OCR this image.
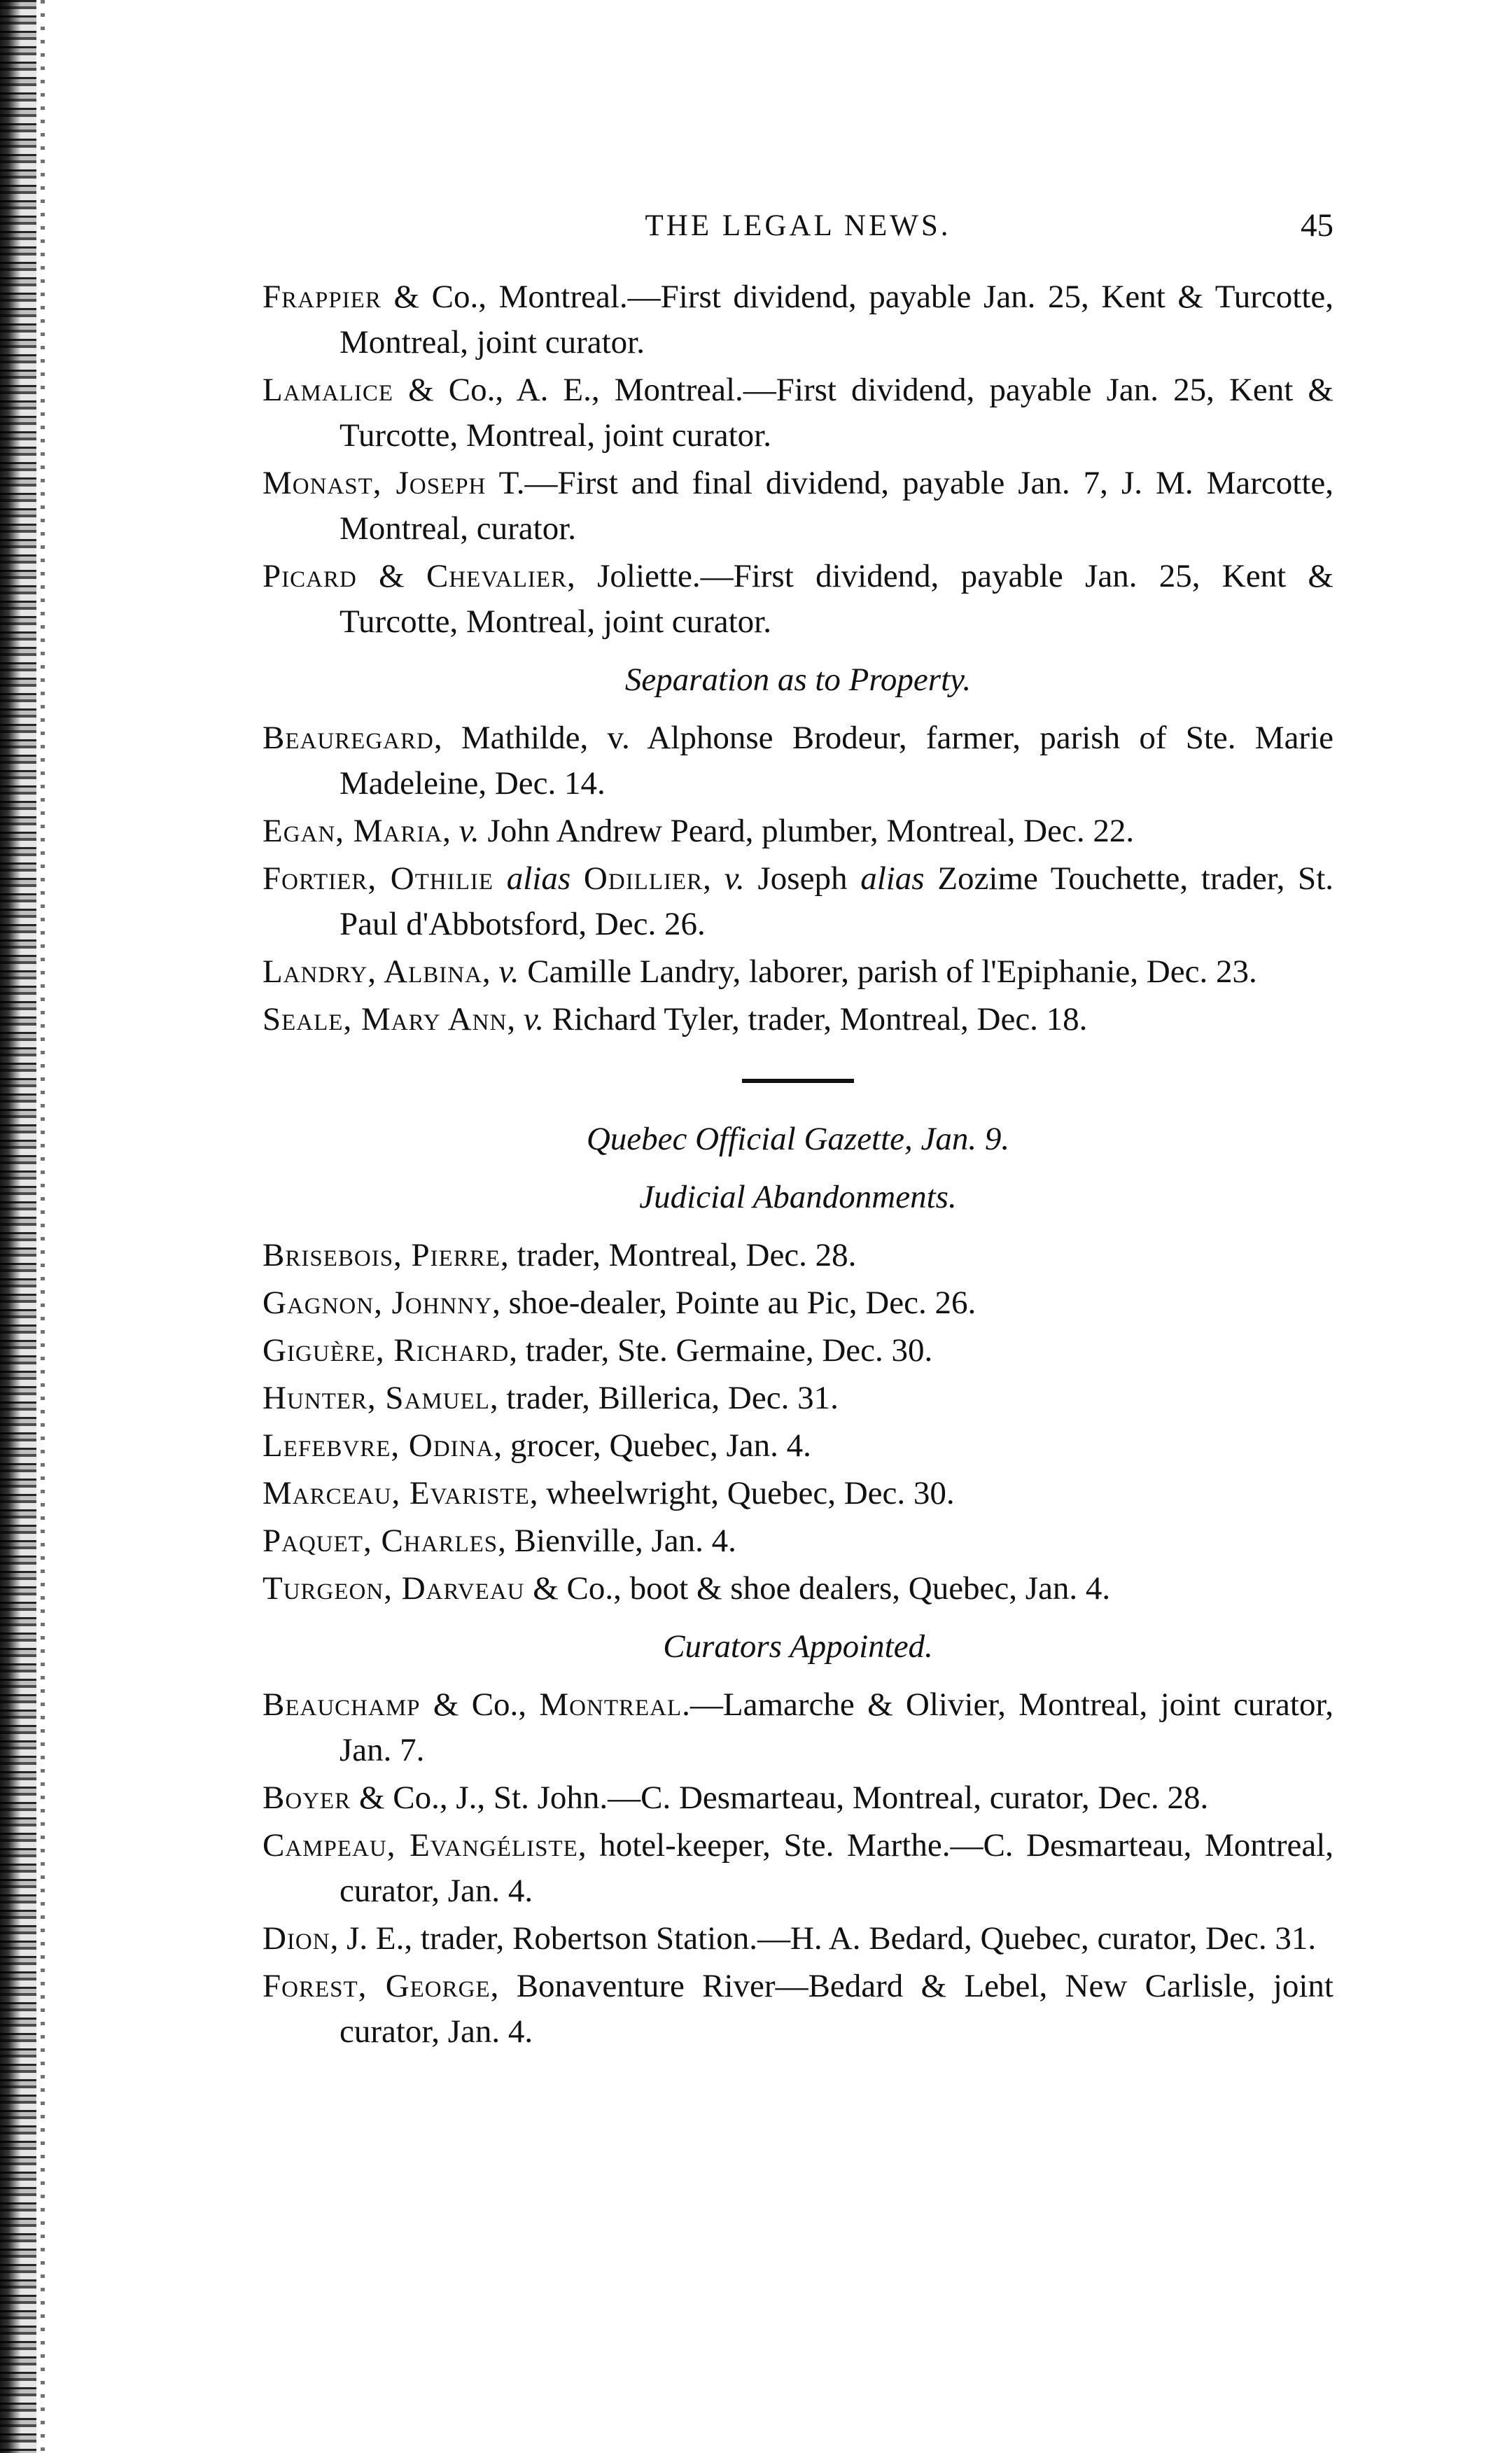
THE LEGAL NEWS.	45

Frappier & Co., Montreal.—First dividend, payable Jan. 25, Kent & Turcotte, Montreal, joint curator.

Lamalice & Co., A. E., Montreal.—First dividend, payable Jan. 25, Kent & Turcotte, Montreal, joint curator.

Monast, Joseph T.—First and final dividend, payable Jan. 7, J. M. Marcotte, Montreal, curator.

Picard & Chevalier, Joliette.—First dividend, payable Jan. 25, Kent & Turcotte, Montreal, joint curator.

Separation as to Property.

Beauregard, Mathilde, v. Alphonse Brodeur, farmer, parish of Ste. Marie Madeleine, Dec. 14.

Egan, Maria, v. John Andrew Peard, plumber, Montreal, Dec. 22.

Fortier, Othilie alias Odillier, v. Joseph alias Zozime Touchette, trader, St. Paul d'Abbotsford, Dec. 26.

Landry, Albina, v. Camille Landry, laborer, parish of l'Epiphanie, Dec. 23.

Seale, Mary Ann, v. Richard Tyler, trader, Montreal, Dec. 18.

Quebec Official Gazette, Jan. 9.
Judicial Abandonments.

Brisebois, Pierre, trader, Montreal, Dec. 28.

Gagnon, Johnny, shoe-dealer, Pointe au Pic, Dec. 26.

Giguère, Richard, trader, Ste. Germaine, Dec. 30.

Hunter, Samuel, trader, Billerica, Dec. 31.

Lefebvre, Odina, grocer, Quebec, Jan. 4.

Marceau, Evariste, wheelwright, Quebec, Dec. 30.

Paquet, Charles, Bienville, Jan. 4.

Turgeon, Darveau & Co., boot & shoe dealers, Quebec, Jan. 4.

Curators Appointed.

Beauchamp & Co., Montreal.—Lamarche & Olivier, Montreal, joint curator, Jan. 7.

Boyer & Co., J., St. John.—C. Desmarteau, Montreal, curator, Dec. 28.

Campeau, Evangéliste, hotel-keeper, Ste. Marthe.—C. Desmarteau, Montreal, curator, Jan. 4.

Dion, J. E., trader, Robertson Station.—H. A. Bedard, Quebec, curator, Dec. 31.

Forest, George, Bonaventure River—Bedard & Lebel, New Carlisle, joint curator, Jan. 4.
